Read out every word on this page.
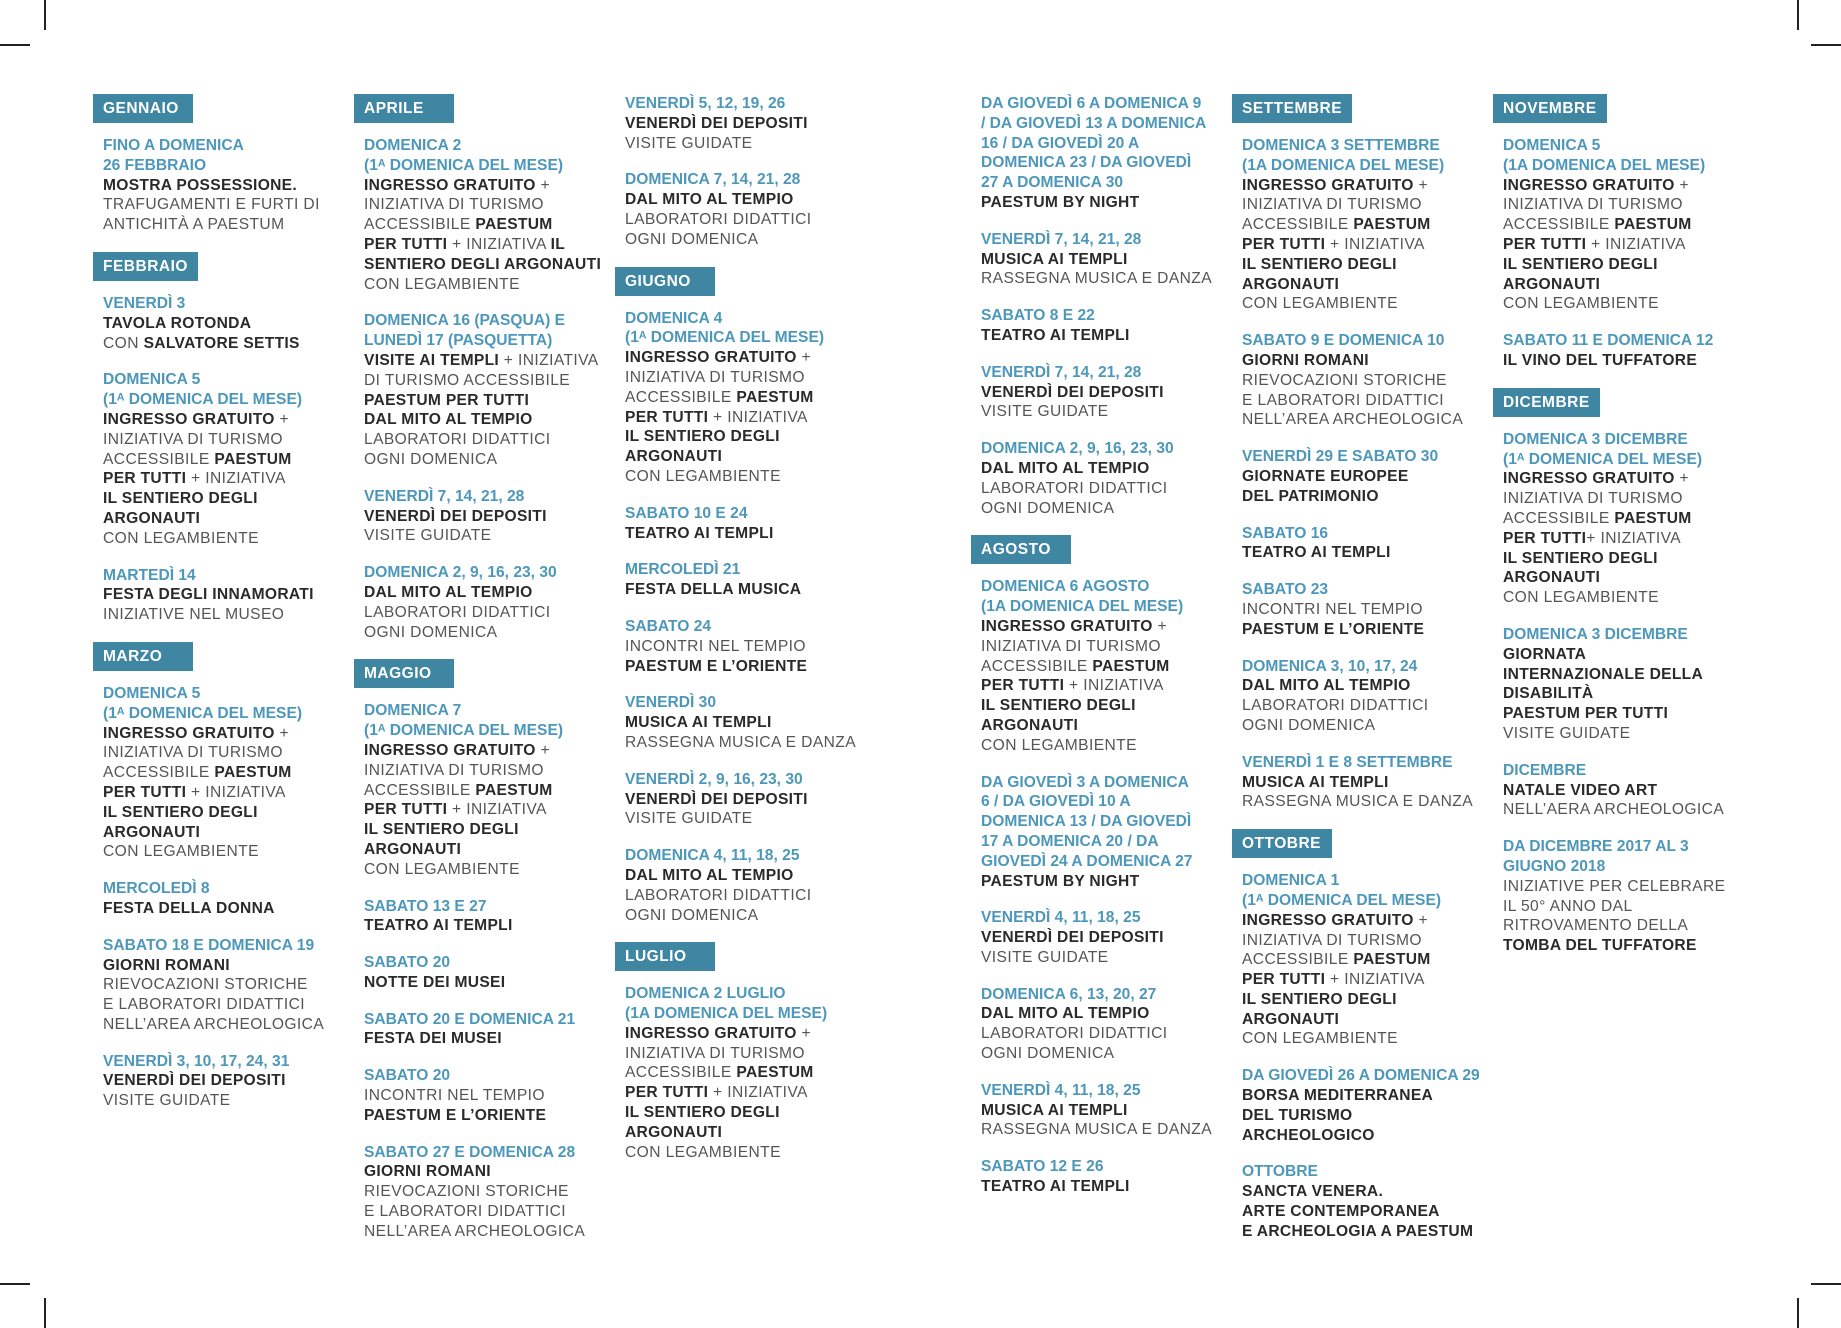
GENNAIO
FINO A DOMENICA
26 FEBBRAIO
MOSTRA POSSESSIONE.
TRAFUGAMENTI E FURTI DI
ANTICHITÀ A PAESTUM
FEBBRAIO
VENERDÌ 3
TAVOLA ROTONDA
CON SALVATORE SETTIS
DOMENICA 5
(1ᴬ DOMENICA DEL MESE)
INGRESSO GRATUITO +
INIZIATIVA DI TURISMO
ACCESSIBILE PAESTUM
PER TUTTI + INIZIATIVA
IL SENTIERO DEGLI
ARGONAUTI
CON LEGAMBIENTE
MARTEDÌ 14
FESTA DEGLI INNAMORATI
INIZIATIVE NEL MUSEO
MARZO
DOMENICA 5
(1ᴬ DOMENICA DEL MESE)
INGRESSO GRATUITO +
INIZIATIVA DI TURISMO
ACCESSIBILE PAESTUM
PER TUTTI + INIZIATIVA
IL SENTIERO DEGLI
ARGONAUTI
CON LEGAMBIENTE
MERCOLEDÌ 8
FESTA DELLA DONNA
SABATO 18 E DOMENICA 19
GIORNI ROMANI
RIEVOCAZIONI STORICHE
E LABORATORI DIDATTICI
NELL’AREA ARCHEOLOGICA
VENERDÌ 3, 10, 17, 24, 31
VENERDÌ DEI DEPOSITI
VISITE GUIDATE
APRILE
DOMENICA 2
(1ᴬ DOMENICA DEL MESE)
INGRESSO GRATUITO +
INIZIATIVA DI TURISMO
ACCESSIBILE PAESTUM
PER TUTTI + INIZIATIVA IL
SENTIERO DEGLI ARGONAUTI
CON LEGAMBIENTE
DOMENICA 16 (PASQUA) E
LUNEDÌ 17 (PASQUETTA)
VISITE AI TEMPLI + INIZIATIVA
DI TURISMO ACCESSIBILE
PAESTUM PER TUTTI
DAL MITO AL TEMPIO
LABORATORI DIDATTICI
OGNI DOMENICA
VENERDÌ 7, 14, 21, 28
VENERDÌ DEI DEPOSITI
VISITE GUIDATE
DOMENICA 2, 9, 16, 23, 30
DAL MITO AL TEMPIO
LABORATORI DIDATTICI
OGNI DOMENICA
MAGGIO
DOMENICA 7
(1ᴬ DOMENICA DEL MESE)
INGRESSO GRATUITO +
INIZIATIVA DI TURISMO
ACCESSIBILE PAESTUM
PER TUTTI + INIZIATIVA
IL SENTIERO DEGLI
ARGONAUTI
CON LEGAMBIENTE
SABATO 13 E 27
TEATRO AI TEMPLI
SABATO 20
NOTTE DEI MUSEI
SABATO 20 E DOMENICA 21
FESTA DEI MUSEI
SABATO 20
INCONTRI NEL TEMPIO
PAESTUM E L’ORIENTE
SABATO 27 E DOMENICA 28
GIORNI ROMANI
RIEVOCAZIONI STORICHE
E LABORATORI DIDATTICI
NELL’AREA ARCHEOLOGICA
VENERDÌ 5, 12, 19, 26
VENERDÌ DEI DEPOSITI
VISITE GUIDATE
DOMENICA 7, 14, 21, 28
DAL MITO AL TEMPIO
LABORATORI DIDATTICI
OGNI DOMENICA
GIUGNO
DOMENICA 4
(1ᴬ DOMENICA DEL MESE)
INGRESSO GRATUITO +
INIZIATIVA DI TURISMO
ACCESSIBILE PAESTUM
PER TUTTI + INIZIATIVA
IL SENTIERO DEGLI
ARGONAUTI
CON LEGAMBIENTE
SABATO 10 E 24
TEATRO AI TEMPLI
MERCOLEDÌ 21
FESTA DELLA MUSICA
SABATO 24
INCONTRI NEL TEMPIO
PAESTUM E L’ORIENTE
VENERDÌ 30
MUSICA AI TEMPLI
RASSEGNA MUSICA E DANZA
VENERDÌ 2, 9, 16, 23, 30
VENERDÌ DEI DEPOSITI
VISITE GUIDATE
DOMENICA 4, 11, 18, 25
DAL MITO AL TEMPIO
LABORATORI DIDATTICI
OGNI DOMENICA
LUGLIO
DOMENICA 2 LUGLIO
(1A DOMENICA DEL MESE)
INGRESSO GRATUITO +
INIZIATIVA DI TURISMO
ACCESSIBILE PAESTUM
PER TUTTI + INIZIATIVA
IL SENTIERO DEGLI
ARGONAUTI
CON LEGAMBIENTE
DA GIOVEDÌ 6 A DOMENICA 9
/ DA GIOVEDÌ 13 A DOMENICA
16 / DA GIOVEDÌ 20 A
DOMENICA 23 / DA GIOVEDÌ
27 A DOMENICA 30
PAESTUM BY NIGHT
VENERDÌ 7, 14, 21, 28
MUSICA AI TEMPLI
RASSEGNA MUSICA E DANZA
SABATO 8 E 22
TEATRO AI TEMPLI
VENERDÌ 7, 14, 21, 28
VENERDÌ DEI DEPOSITI
VISITE GUIDATE
DOMENICA 2, 9, 16, 23, 30
DAL MITO AL TEMPIO
LABORATORI DIDATTICI
OGNI DOMENICA
AGOSTO
DOMENICA 6 AGOSTO
(1A DOMENICA DEL MESE)
INGRESSO GRATUITO +
INIZIATIVA DI TURISMO
ACCESSIBILE PAESTUM
PER TUTTI + INIZIATIVA
IL SENTIERO DEGLI
ARGONAUTI
CON LEGAMBIENTE
DA GIOVEDÌ 3 A DOMENICA
6 / DA GIOVEDÌ 10 A
DOMENICA 13 / DA GIOVEDÌ
17 A DOMENICA 20 / DA
GIOVEDÌ 24 A DOMENICA 27
PAESTUM BY NIGHT
VENERDÌ 4, 11, 18, 25
VENERDÌ DEI DEPOSITI
VISITE GUIDATE
DOMENICA 6, 13, 20, 27
DAL MITO AL TEMPIO
LABORATORI DIDATTICI
OGNI DOMENICA
VENERDÌ 4, 11, 18, 25
MUSICA AI TEMPLI
RASSEGNA MUSICA E DANZA
SABATO 12 E 26
TEATRO AI TEMPLI
SETTEMBRE
DOMENICA 3 SETTEMBRE
(1A DOMENICA DEL MESE)
INGRESSO GRATUITO +
INIZIATIVA DI TURISMO
ACCESSIBILE PAESTUM
PER TUTTI + INIZIATIVA
IL SENTIERO DEGLI
ARGONAUTI
CON LEGAMBIENTE
SABATO 9 E DOMENICA 10
GIORNI ROMANI
RIEVOCAZIONI STORICHE
E LABORATORI DIDATTICI
NELL’AREA ARCHEOLOGICA
VENERDÌ 29 E SABATO 30
GIORNATE EUROPEE
DEL PATRIMONIO
SABATO 16
TEATRO AI TEMPLI
SABATO 23
INCONTRI NEL TEMPIO
PAESTUM E L’ORIENTE
DOMENICA 3, 10, 17, 24
DAL MITO AL TEMPIO
LABORATORI DIDATTICI
OGNI DOMENICA
VENERDÌ 1 E 8 SETTEMBRE
MUSICA AI TEMPLI
RASSEGNA MUSICA E DANZA
OTTOBRE
DOMENICA 1
(1ᴬ DOMENICA DEL MESE)
INGRESSO GRATUITO +
INIZIATIVA DI TURISMO
ACCESSIBILE PAESTUM
PER TUTTI + INIZIATIVA
IL SENTIERO DEGLI
ARGONAUTI
CON LEGAMBIENTE
DA GIOVEDÌ 26 A DOMENICA 29
BORSA MEDITERRANEA
DEL TURISMO
ARCHEOLOGICO
OTTOBRE
SANCTA VENERA.
ARTE CONTEMPORANEA
E ARCHEOLOGIA A PAESTUM
NOVEMBRE
DOMENICA 5
(1A DOMENICA DEL MESE)
INGRESSO GRATUITO +
INIZIATIVA DI TURISMO
ACCESSIBILE PAESTUM
PER TUTTI + INIZIATIVA
IL SENTIERO DEGLI
ARGONAUTI
CON LEGAMBIENTE
SABATO 11 E DOMENICA 12
IL VINO DEL TUFFATORE
DICEMBRE
DOMENICA 3 DICEMBRE
(1ᴬ DOMENICA DEL MESE)
INGRESSO GRATUITO +
INIZIATIVA DI TURISMO
ACCESSIBILE PAESTUM
PER TUTTI+ INIZIATIVA
IL SENTIERO DEGLI
ARGONAUTI
CON LEGAMBIENTE
DOMENICA 3 DICEMBRE
GIORNATA
INTERNAZIONALE DELLA
DISABILITÀ
PAESTUM PER TUTTI
VISITE GUIDATE
DICEMBRE
NATALE VIDEO ART
NELL’AERA ARCHEOLOGICA
DA DICEMBRE 2017 AL 3
GIUGNO 2018
INIZIATIVE PER CELEBRARE
IL 50° ANNO DAL
RITROVAMENTO DELLA
TOMBA DEL TUFFATORE
